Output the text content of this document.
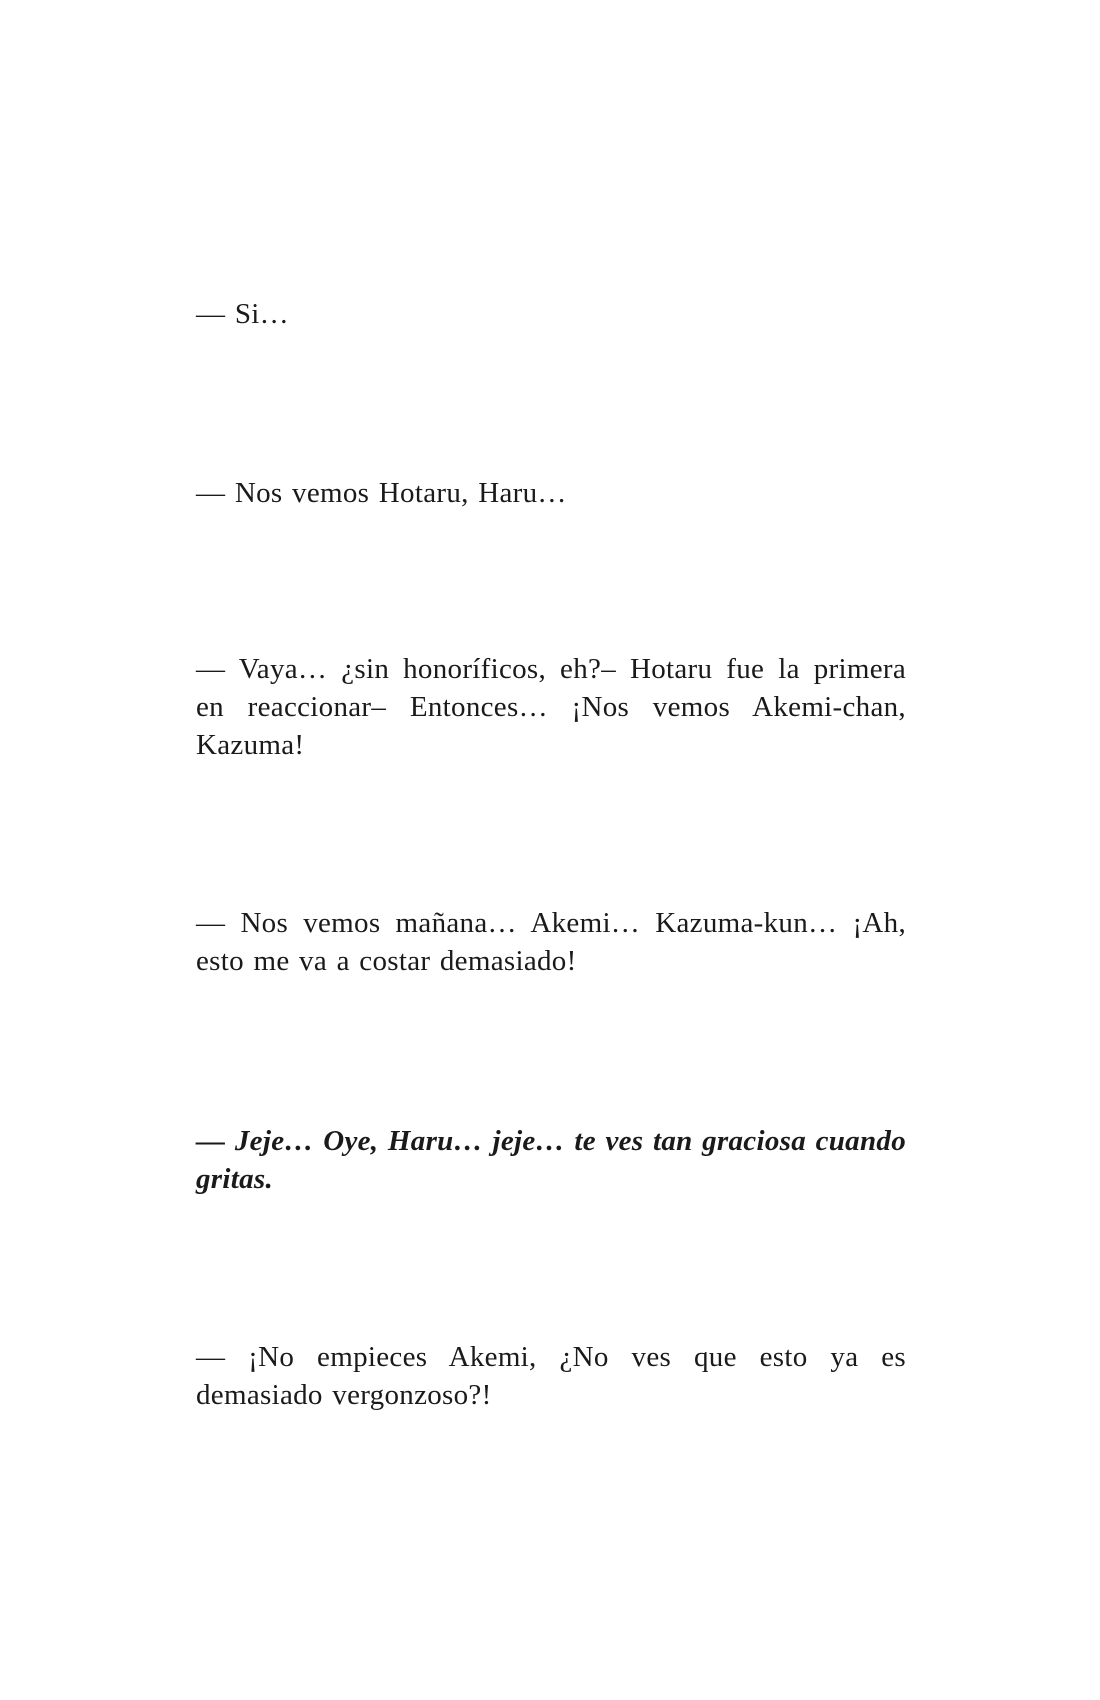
— Si…

— Nos vemos Hotaru, Haru…

— Vaya… ¿sin honoríficos, eh?– Hotaru fue la primera en reaccionar– Entonces… ¡Nos vemos Akemi-chan, Kazuma!

— Nos vemos mañana… Akemi… Kazuma-kun… ¡Ah, esto me va a costar demasiado!

— Jeje… Oye, Haru… jeje… te ves tan graciosa cuando gritas.

— ¡No empieces Akemi, ¿No ves que esto ya es demasiado vergonzoso?!
